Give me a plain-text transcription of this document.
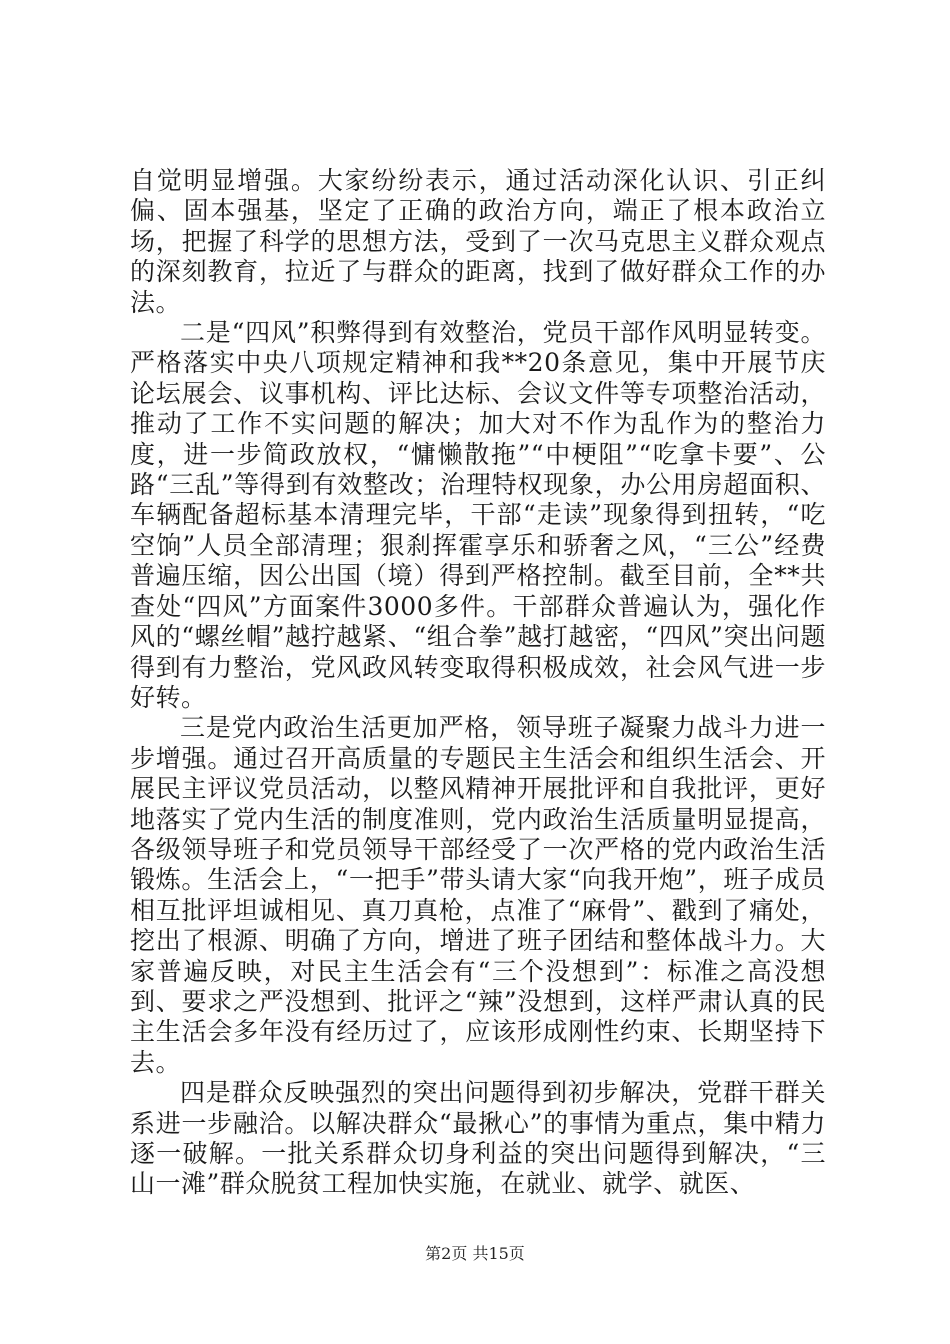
自觉明显增强。大家纷纷表示，通过活动深化认识、引正纠偏、固本强基，坚定了正确的政治方向，端正了根本政治立场，把握了科学的思想方法，受到了一次马克思主义群众观点的深刻教育，拉近了与群众的距离，找到了做好群众工作的办法。

二是“四风”积弊得到有效整治，党员干部作风明显转变。严格落实中央八项规定精神和我**20条意见，集中开展节庆论坛展会、议事机构、评比达标、会议文件等专项整治活动，推动了工作不实问题的解决；加大对不作为乱作为的整治力度，进一步简政放权，“慵懒散拖”“中梗阻”“吃拿卡要”、公路“三乱”等得到有效整改；治理特权现象，办公用房超面积、车辆配备超标基本清理完毕，干部“走读”现象得到扭转，“吃空饷”人员全部清理；狠刹挥霍享乐和骄奢之风，“三公”经费普遍压缩，因公出国（境）得到严格控制。截至目前，全**共查处“四风”方面案件3000多件。干部群众普遍认为，强化作风的“螺丝帽”越拧越紧、“组合拳”越打越密，“四风”突出问题得到有力整治，党风政风转变取得积极成效，社会风气进一步好转。

三是党内政治生活更加严格，领导班子凝聚力战斗力进一步增强。通过召开高质量的专题民主生活会和组织生活会、开展民主评议党员活动，以整风精神开展批评和自我批评，更好地落实了党内生活的制度准则，党内政治生活质量明显提高，各级领导班子和党员领导干部经受了一次严格的党内政治生活锻炼。生活会上，“一把手”带头请大家“向我开炮”，班子成员相互批评坦诚相见、真刀真枪，点准了“麻骨”、戳到了痛处，挖出了根源、明确了方向，增进了班子团结和整体战斗力。大家普遍反映，对民主生活会有“三个没想到”：标准之高没想到、要求之严没想到、批评之“辣”没想到，这样严肃认真的民主生活会多年没有经历过了，应该形成刚性约束、长期坚持下去。

四是群众反映强烈的突出问题得到初步解决，党群干群关系进一步融洽。以解决群众“最揪心”的事情为重点，集中精力逐一破解。一批关系群众切身利益的突出问题得到解决，“三山一滩”群众脱贫工程加快实施，在就业、就学、就医、

第2页 共15页
